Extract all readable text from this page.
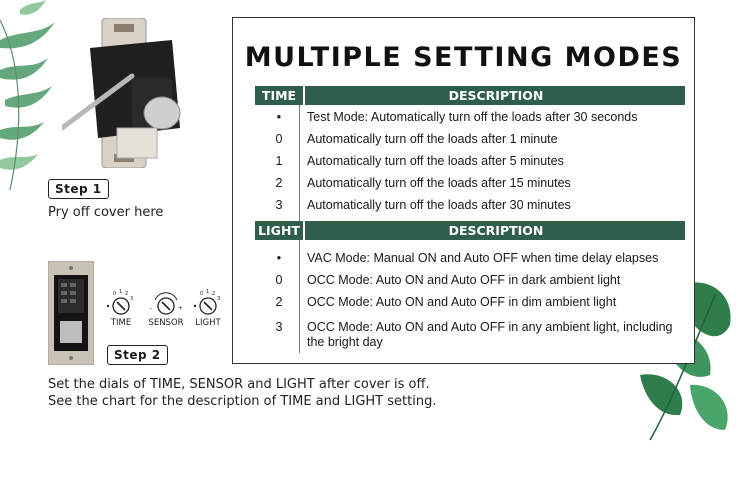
Step 1
Pry off cover here
Step 2
0 1 2
3
TIME
-	+
SENSOR
0 1 2
3
LIGHT
Set the dials of TIME, SENSOR and LIGHT after cover is off.
See the chart for the description of TIME and LIGHT setting.
MULTIPLE SETTING MODES
TIME	DESCRIPTION
•	Test Mode: Automatically turn off the loads after 30 seconds
0	Automatically turn off the loads after 1 minute
1	Automatically turn off the loads after 5 minutes
2	Automatically turn off the loads after 15 minutes
3	Automatically turn off the loads after 30 minutes
LIGHT	DESCRIPTION
•	VAC Mode: Manual ON and Auto OFF when time delay elapses
0	OCC Mode: Auto ON and Auto OFF in dark ambient light
2	OCC Mode: Auto ON and Auto OFF in dim ambient light
3	OCC Mode: Auto ON and Auto OFF in any ambient light, including the bright day
